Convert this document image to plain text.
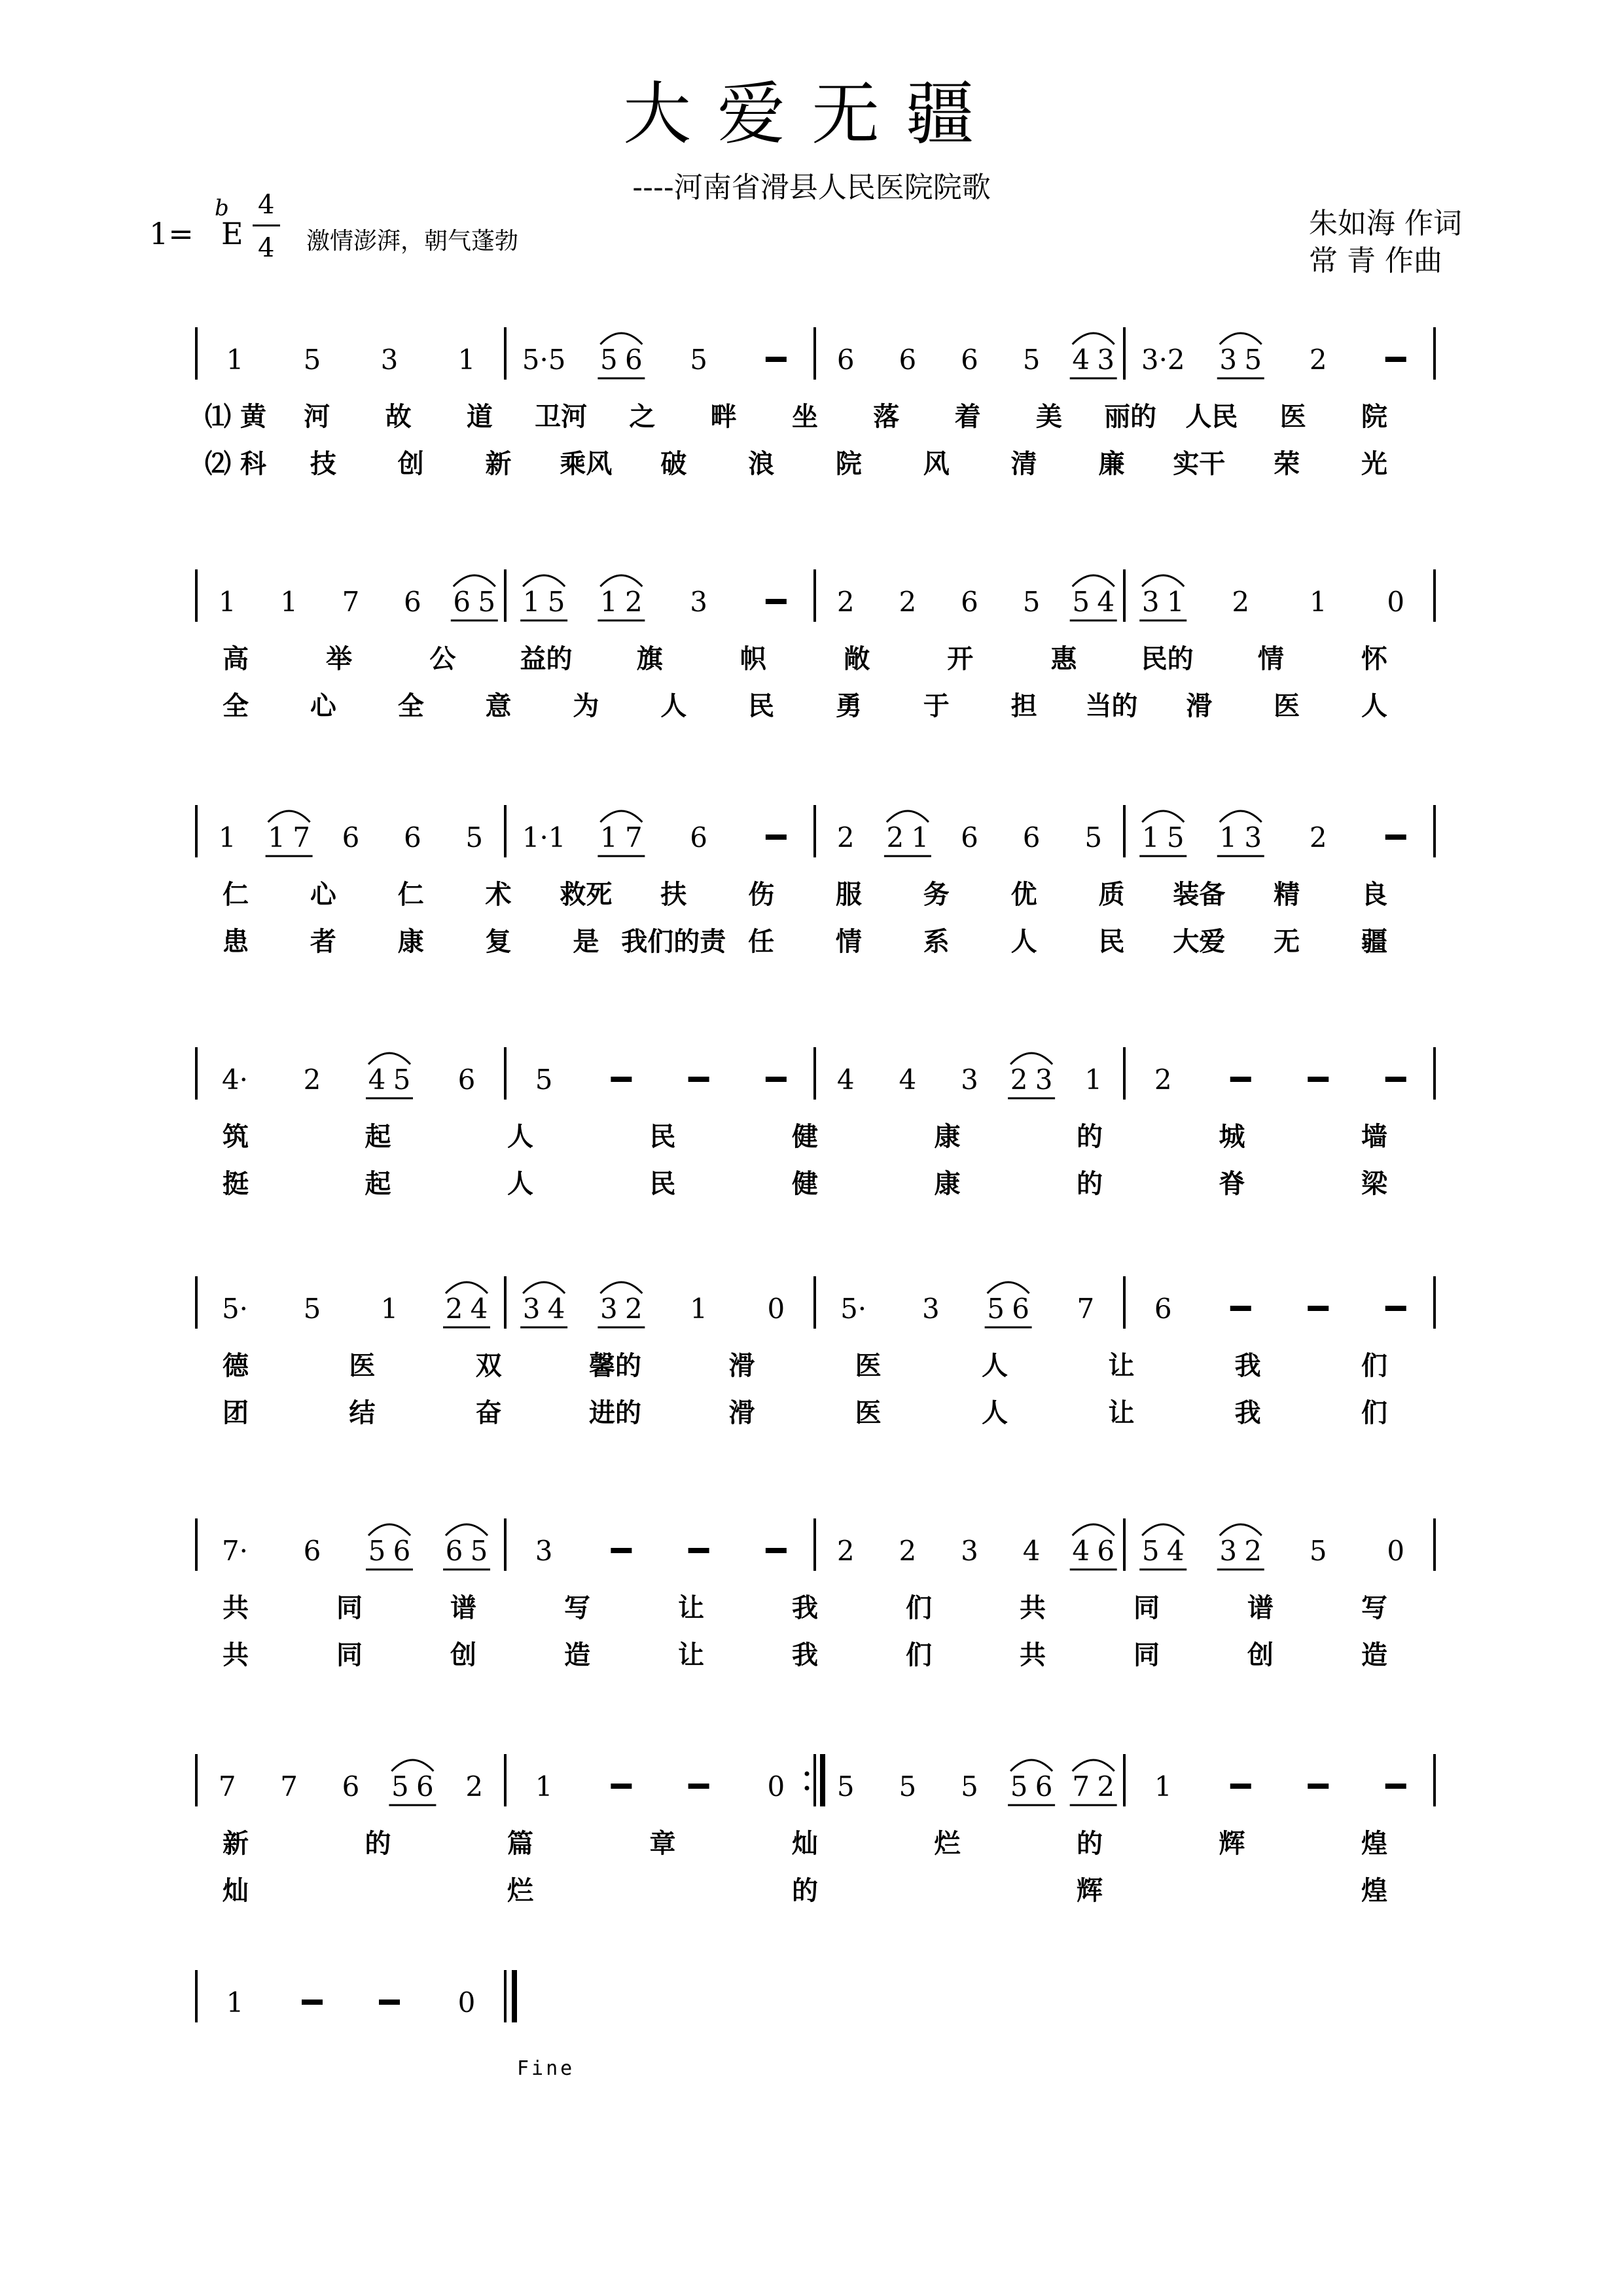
大爱无疆
----河南省滑县人民医院院歌
1=
b
E
4
4 激情澎湃，朝气蓬勃
朱如海 作词
常 青 作曲
1 5 3 1 5·5 5 6 5	6 6 6 5 4 3 3·2 3 5 2
⑴ 黄 河 故 道 卫河 之 畔 坐 落 着 美 丽的 人民 医 院
⑵ 科 技 创 新 乘风 破 浪 院 风 清 廉 实干 荣 光
1 1 7 6 6 5 1 5 1 2 3	2 2 6 5 5 4 3 1 2 1 0
高	举	公 益的 旗	帜	敞	开	惠 民的 情	怀
全 心 全 意 为 人 民 勇 于 担 当的 滑 医 人
1 1 7 6 6 5 1·1 1 7 6	2 2 1 6 6 5 1 5 1 3 2
仁 心 仁 术 救死 扶 伤 服 务 优 质 装备 精 良
患 者 康 复 是 我们的责 任 情 系 人 民 大爱 无 疆
4· 2 4 5 6 5	4 4 3 2 3 1 2
筑	起	人	民	健	康	的	城	墙
挺	起	人	民	健	康	的	脊	梁
5· 5 1 2 4 3 4 3 2 1 0 5· 3 5 6 7 6
德	医	双	馨的	滑	医	人	让	我	们
团	结	奋	进的	滑	医	人	让	我	们
7· 6 5 6 6 5 3	2 2 3 4 4 6 5 4 3 2 5 0
共	同	谱	写	让	我	们	共	同	谱	写
共	同	创	造	让	我	们	共	同	创	造
7 7 6 5 6 2 1	0 5 5 5 5 6 7 2 1
新	的	篇	章	灿	烂	的	辉	煌
灿	烂	的	辉	煌
Fine
1	0
